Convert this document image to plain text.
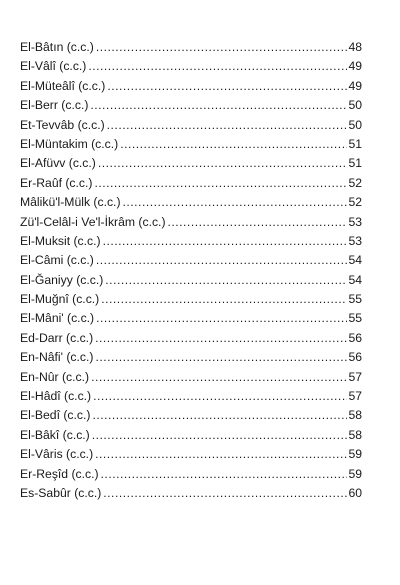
El-Bâtın (c.c.) .....	48
El-Vâlî (c.c.) .....	49
El-Müteâlî (c.c.) .....	49
El-Berr (c.c.) .....	50
Et-Tevvâb (c.c.) .....	50
El-Müntakim (c.c.) .....	51
El-Afüvv (c.c.) .....	51
Er-Raûf (c.c.) .....	52
Mâlikü'l-Mülk (c.c.) .....	52
Zü'l-Celâl-i Ve'l-İkrâm (c.c.) .....	53
El-Muksit (c.c.) .....	53
El-Câmi (c.c.) .....	54
El-Ğaniyy (c.c.) .....	54
El-Muğnî (c.c.) .....	55
El-Mâni' (c.c.) .....	55
Ed-Darr (c.c.) .....	56
En-Nâfi' (c.c.) .....	56
En-Nûr (c.c.) .....	57
El-Hâdî (c.c.) .....	57
El-Bedî (c.c.) .....	58
El-Bâkî (c.c.) .....	58
El-Vâris (c.c.) .....	59
Er-Reşîd (c.c.) .....	59
Es-Sabûr (c.c.) .....	60
